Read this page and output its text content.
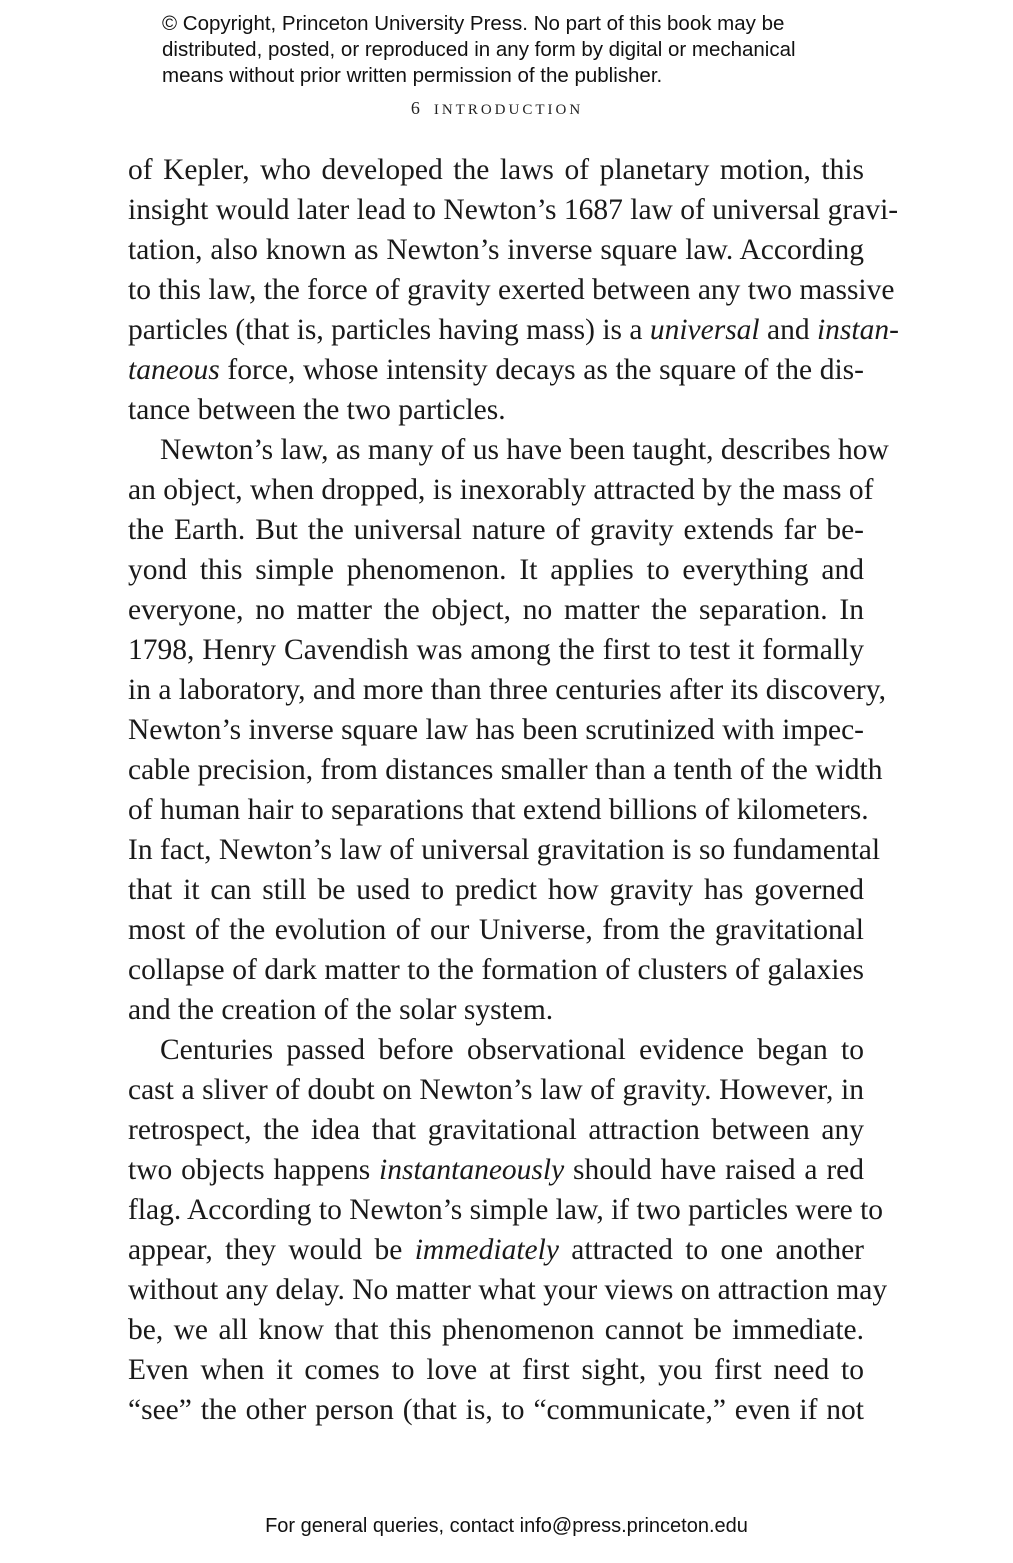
© Copyright, Princeton University Press. No part of this book may be
distributed, posted, or reproduced in any form by digital or mechanical
means without prior written permission of the publisher.
6 INTRODUCTION
of Kepler, who developed the laws of planetary motion, this
insight would later lead to Newton’s 1687 law of universal gravi-
tation, also known as Newton’s inverse square law. According
to this law, the force of gravity exerted between any two massive
particles (that is, particles having mass) is a universal and instan-
taneous force, whose intensity decays as the square of the dis-
tance between the two particles.
Newton’s law, as many of us have been taught, describes how
an object, when dropped, is inexorably attracted by the mass of
the Earth. But the universal nature of gravity extends far be-
yond this simple phenomenon. It applies to everything and
everyone, no matter the object, no matter the separation. In
1798, Henry Cavendish was among the first to test it formally
in a laboratory, and more than three centuries after its discovery,
Newton’s inverse square law has been scrutinized with impec-
cable precision, from distances smaller than a tenth of the width
of human hair to separations that extend billions of kilometers.
In fact, Newton’s law of universal gravitation is so fundamental
that it can still be used to predict how gravity has governed
most of the evolution of our Universe, from the gravitational
collapse of dark matter to the formation of clusters of galaxies
and the creation of the solar system.
Centuries passed before observational evidence began to
cast a sliver of doubt on Newton’s law of gravity. However, in
retrospect, the idea that gravitational attraction between any
two objects happens instantaneously should have raised a red
flag. According to Newton’s simple law, if two particles were to
appear, they would be immediately attracted to one another
without any delay. No matter what your views on attraction may
be, we all know that this phenomenon cannot be immediate.
Even when it comes to love at first sight, you first need to
“see” the other person (that is, to “communicate,” even if not
For general queries, contact info@press.princeton.edu
